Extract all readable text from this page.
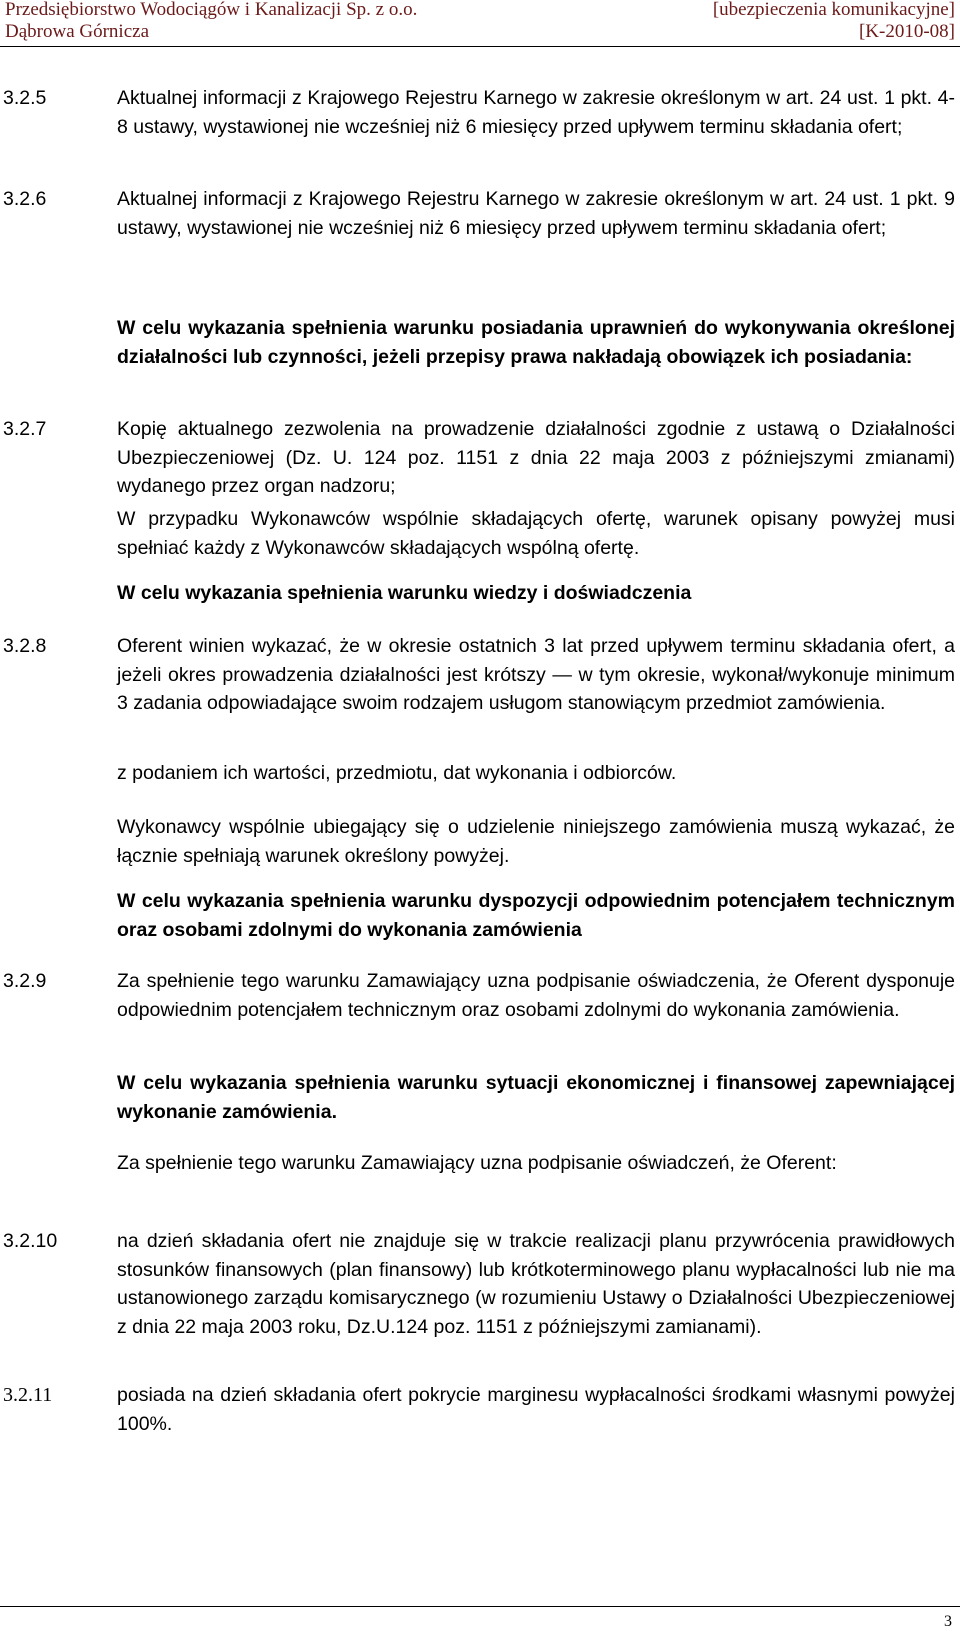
Przedsiębiorstwo Wodociągów i Kanalizacji Sp. z o.o.	[ubezpieczenia komunikacyjne]
Dąbrowa Górnicza	[K-2010-08]
3.2.5	Aktualnej informacji z Krajowego Rejestru Karnego w zakresie określonym w art. 24 ust. 1 pkt. 4-8 ustawy, wystawionej nie wcześniej niż 6 miesięcy przed upływem terminu składania ofert;
3.2.6	Aktualnej informacji z Krajowego Rejestru Karnego w zakresie określonym w art. 24 ust. 1 pkt. 9 ustawy, wystawionej nie wcześniej niż 6 miesięcy przed upływem terminu składania ofert;
W celu wykazania spełnienia warunku posiadania uprawnień do wykonywania określonej działalności lub czynności, jeżeli przepisy prawa nakładają obowiązek ich posiadania:
3.2.7	Kopię aktualnego zezwolenia na prowadzenie działalności zgodnie z ustawą o Działalności Ubezpieczeniowej (Dz. U. 124 poz. 1151 z dnia 22 maja 2003 z późniejszymi zmianami) wydanego przez organ nadzoru;
W przypadku Wykonawców wspólnie składających ofertę, warunek opisany powyżej musi spełniać każdy z Wykonawców składających wspólną ofertę.
W celu wykazania spełnienia warunku wiedzy i doświadczenia
3.2.8	Oferent winien wykazać, że w okresie ostatnich 3 lat przed upływem terminu składania ofert, a jeżeli okres prowadzenia działalności jest krótszy — w tym okresie, wykonał/wykonuje minimum 3 zadania odpowiadające swoim rodzajem usługom stanowiącym przedmiot zamówienia.
z podaniem ich wartości, przedmiotu, dat wykonania i odbiorców.
Wykonawcy wspólnie ubiegający się o udzielenie niniejszego zamówienia muszą wykazać, że łącznie spełniają warunek określony powyżej.
W celu wykazania spełnienia warunku dyspozycji odpowiednim potencjałem technicznym oraz osobami zdolnymi do wykonania zamówienia
3.2.9	Za spełnienie tego warunku Zamawiający uzna podpisanie oświadczenia, że Oferent dysponuje odpowiednim potencjałem technicznym oraz osobami zdolnymi do wykonania zamówienia.
W celu wykazania spełnienia warunku sytuacji ekonomicznej i finansowej zapewniającej wykonanie zamówienia.
Za spełnienie tego warunku Zamawiający uzna podpisanie oświadczeń, że Oferent:
3.2.10	na dzień składania ofert nie znajduje się w trakcie realizacji planu przywrócenia prawidłowych stosunków finansowych (plan finansowy) lub krótkoterminowego planu wypłacalności lub nie ma ustanowionego zarządu komisarycznego (w rozumieniu Ustawy o Działalności Ubezpieczeniowej z dnia 22 maja 2003 roku, Dz.U.124 poz. 1151 z późniejszymi zamianami).
3.2.11	posiada na dzień składania ofert pokrycie marginesu wypłacalności środkami własnymi powyżej 100%.
3
